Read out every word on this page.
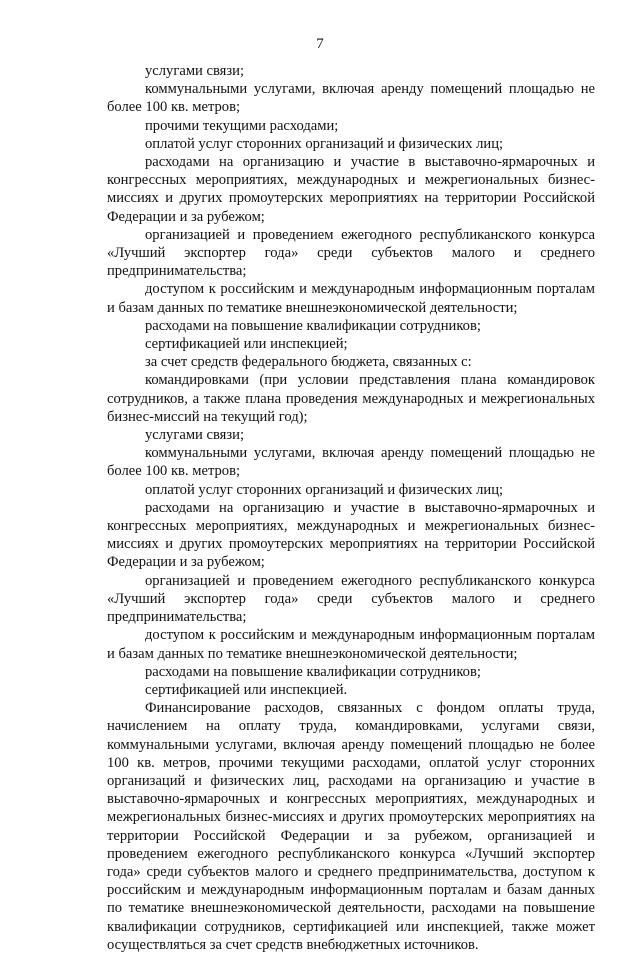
7

услугами связи;

коммунальными услугами, включая аренду помещений площадью не более 100 кв. метров;

прочими текущими расходами;

оплатой услуг сторонних организаций и физических лиц;

расходами на организацию и участие в выставочно-ярмарочных и конгрессных мероприятиях, международных и межрегиональных бизнес-миссиях и других промоутерских мероприятиях на территории Российской Федерации и за рубежом;

организацией и проведением ежегодного республиканского конкурса «Лучший экспортер года» среди субъектов малого и среднего предпринимательства;

доступом к российским и международным информационным порталам и базам данных по тематике внешнеэкономической деятельности;

расходами на повышение квалификации сотрудников;

сертификацией или инспекцией;

за счет средств федерального бюджета, связанных с:

командировками (при условии представления плана командировок сотрудников, а также плана проведения международных и межрегиональных бизнес-миссий на текущий год);

услугами связи;

коммунальными услугами, включая аренду помещений площадью не более 100 кв. метров;

оплатой услуг сторонних организаций и физических лиц;

расходами на организацию и участие в выставочно-ярмарочных и конгрессных мероприятиях, международных и межрегиональных бизнес-миссиях и других промоутерских мероприятиях на территории Российской Федерации и за рубежом;

организацией и проведением ежегодного республиканского конкурса «Лучший экспортер года» среди субъектов малого и среднего предпринимательства;

доступом к российским и международным информационным порталам и базам данных по тематике внешнеэкономической деятельности;

расходами на повышение квалификации сотрудников;

сертификацией или инспекцией.

Финансирование расходов, связанных с фондом оплаты труда, начислением на оплату труда, командировками, услугами связи, коммунальными услугами, включая аренду помещений площадью не более 100 кв. метров, прочими текущими расходами, оплатой услуг сторонних организаций и физических лиц, расходами на организацию и участие в выставочно-ярмарочных и конгрессных мероприятиях, международных и межрегиональных бизнес-миссиях и других промоутерских мероприятиях на территории Российской Федерации и за рубежом, организацией и проведением ежегодного республиканского конкурса «Лучший экспортер года» среди субъектов малого и среднего предпринимательства, доступом к российским и международным информационным порталам и базам данных по тематике внешнеэкономической деятельности, расходами на повышение квалификации сотрудников, сертификацией или инспекцией, также может осуществляться за счет средств внебюджетных источников.
